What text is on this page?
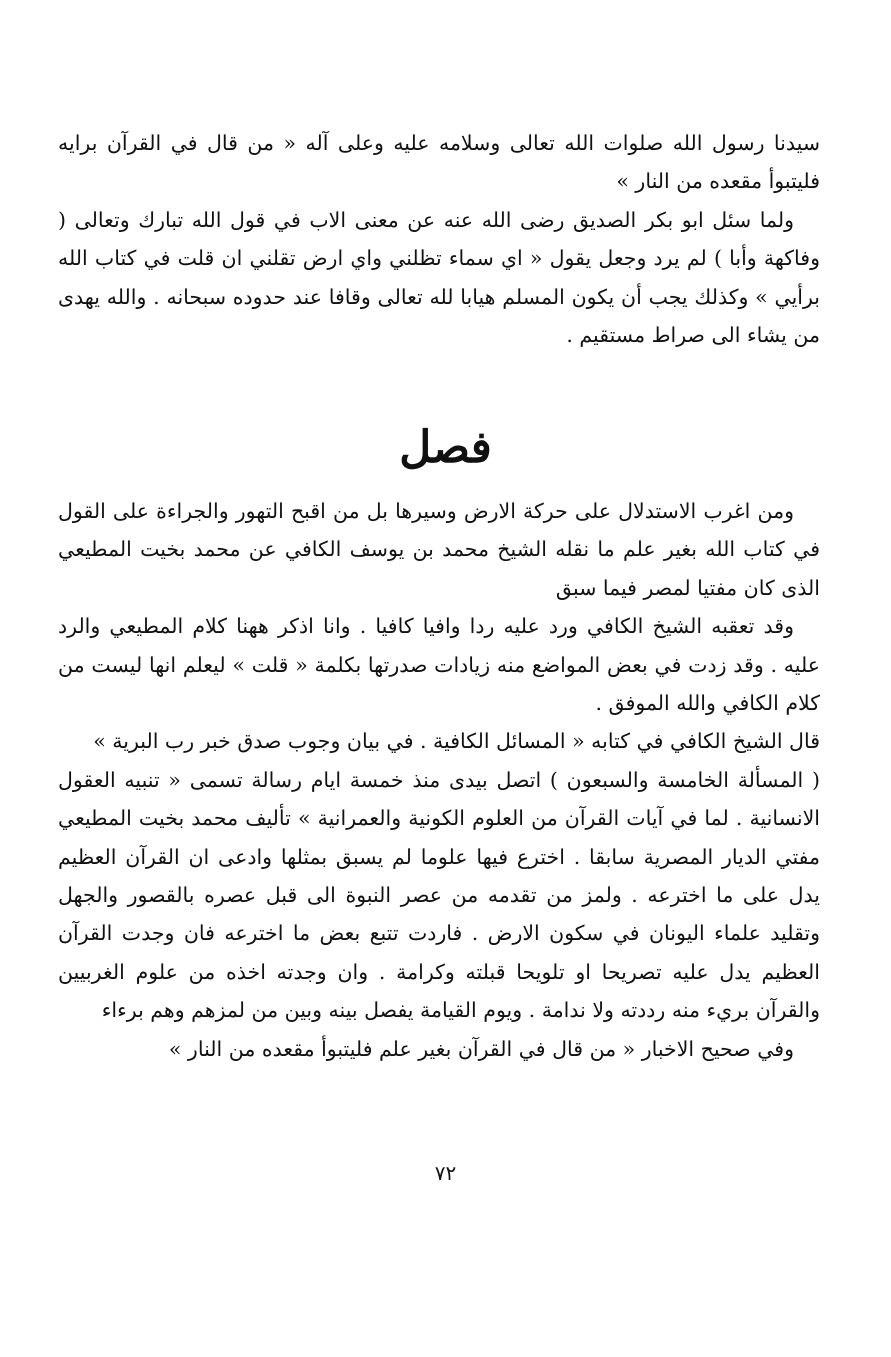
سيدنا رسول الله صلوات الله تعالى وسلامه عليه وعلى آله « من قال في القرآن برايه فليتبوأ مقعده من النار »

ولما سئل ابو بكر الصديق رضى الله عنه عن معنى الاب في قول الله تبارك وتعالى ( وفاكهة وأبا ) لم يرد وجعل يقول « اي سماء تظلني واي ارض تقلني ان قلت في كتاب الله برأيي » وكذلك يجب أن يكون المسلم هيابا لله تعالى وقافا عند حدوده سبحانه . والله يهدى من يشاء الى صراط مستقيم .

فصل

ومن اغرب الاستدلال على حركة الارض وسيرها بل من اقبح التهور والجراءة على القول في كتاب الله بغير علم ما نقله الشيخ محمد بن يوسف الكافي عن محمد بخيت المطيعي الذى كان مفتيا لمصر فيما سبق

وقد تعقبه الشيخ الكافي ورد عليه ردا وافيا كافيا . وانا اذكر ههنا كلام المطيعي والرد عليه . وقد زدت في بعض المواضع منه زيادات صدرتها بكلمة « قلت » ليعلم انها ليست من كلام الكافي والله الموفق .

قال الشيخ الكافي في كتابه « المسائل الكافية . في بيان وجوب صدق خبر رب البرية »

( المسألة الخامسة والسبعون ) اتصل بيدى منذ خمسة ايام رسالة تسمى « تنبيه العقول الانسانية . لما في آيات القرآن من العلوم الكونية والعمرانية » تأليف محمد بخيت المطيعي مفتي الديار المصرية سابقا . اخترع فيها علوما لم يسبق بمثلها وادعى ان القرآن العظيم يدل على ما اخترعه . ولمز من تقدمه من عصر النبوة الى قبل عصره بالقصور والجهل وتقليد علماء اليونان في سكون الارض . فاردت تتبع بعض ما اخترعه فان وجدت القرآن العظيم يدل عليه تصريحا او تلويحا قبلته وكرامة . وان وجدته اخذه من علوم الغربيين والقرآن بريء منه رددته ولا ندامة . ويوم القيامة يفصل بينه وبين من لمزهم وهم برءاء

وفي صحيح الاخبار « من قال في القرآن بغير علم فليتبوأ مقعده من النار »

٧٢
